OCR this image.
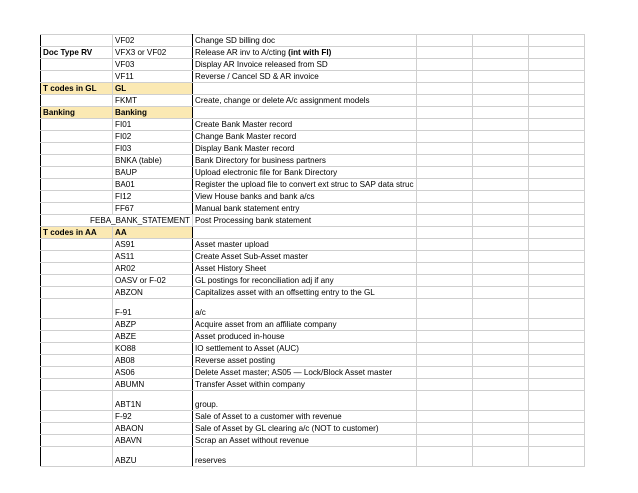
	VF02	Change SD billing doc			
Doc Type RV	VFX3 or VF02	Release AR inv to A/cting (int with FI)			
	VF03	Display AR Invoice released from SD			
	VF11	Reverse / Cancel SD & AR invoice			
T codes in GL	GL				
	FKMT	Create, change or delete A/c assignment models			
Banking	Banking				
	FI01	Create Bank Master record			
	FI02	Change Bank Master record			
	FI03	Display Bank Master record			
	BNKA (table)	Bank Directory for business partners			
	BAUP	Upload electronic file for Bank Directory			
	BA01	Register the upload file to convert ext struc to SAP data struc			
	FI12	View House banks and bank a/cs			
	FF67	Manual bank statement entry			
FEBA_BANK_STATEMENT		Post Processing bank statement			
T codes in AA	AA				
	AS91	Asset master upload			
	AS11	Create Asset Sub-Asset master			
	AR02	Asset History Sheet			
	OASV or F-02	GL postings for reconciliation adj if any			
	ABZON	Capitalizes asset with an offsetting entry to the GL			
	F-91	a/c			
	ABZP	Acquire asset from an affiliate company			
	ABZE	Asset produced in-house			
	KO88	IO settlement to Asset (AUC)			
	AB08	Reverse asset posting			
	AS06	Delete Asset master; AS05 — Lock/Block Asset master			
	ABUMN	Transfer Asset within company			
	ABT1N	group.			
	F-92	Sale of Asset to a customer with revenue			
	ABAON	Sale of Asset by GL clearing a/c (NOT to customer)			
	ABAVN	Scrap an Asset without revenue			
	ABZU	reserves			
